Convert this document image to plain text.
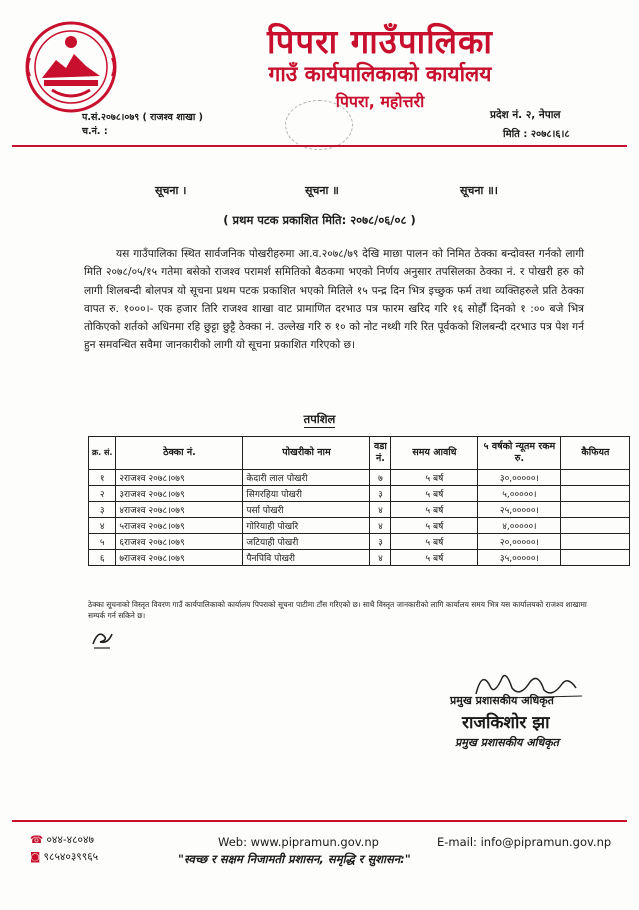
पिपरा गाउँपालिका
गाउँ कार्यपालिकाको कार्यालय
पिपरा, महोत्तरी
प.सं.२०७८।०७९ ( राजश्व शाखा )
च.नं. :
प्रदेश नं. २, नेपाल
मिति : २०७८।६।८
सूचना ।	सूचना ॥	सूचना ॥।
( प्रथम पटक प्रकाशित मिति: २०७८/०६/०८ )
यस गाउँपालिका स्थित सार्वजनिक पोखरीहरुमा आ.व.२०७८/७९ देखि माछा पालन को निमित ठेक्का बन्दोवस्त गर्नको लागी मिति २०७८/०५/१५ गतेमा बसेको राजश्व परामर्श समितिको बैठकमा भएको निर्णय अनुसार तपसिलका ठेक्का नं. र पोखरी हरु को लागी शिलबन्दी बोलपत्र यो सूचना प्रथम पटक प्रकाशित भएको मितिले १५ पन्द्र दिन भित्र इच्छुक फर्म तथा व्यक्तिहरुले प्रति ठेक्का वापत रु. १०००।- एक हजार तिरि राजश्व शाखा वाट प्रामाणित दरभाउ पत्र फारम खरिद गरि १६ सोर्हौं दिनको १ :०० बजे भित्र तोकिएको शर्तको अधिनमा रहि छुट्टा छुट्टै ठेक्का नं. उल्लेख गरि रु १० को नोट नथ्थी गरि रित पूर्वकको शिलबन्दी दरभाउ पत्र पेश गर्न हुन समवन्धित सवैमा जानकारीको लागी यो सूचना प्रकाशित गरिएको छ।
तपशिल
क्र. सं.	ठेक्का नं.	पोखरीको नाम	वडा नं.	समय आवधि	५ वर्षको न्यूतम रकम रु.	कैफियत
१	२राजश्व २०७८।०७९	केदारी लाल पोखरी	७	५ बर्ष	३०,०००००।	
२	३राजश्व २०७८।०७९	सिगरहिया पोखरी	३	५ बर्ष	५,०००००।	
३	४राजश्व २०७८।०७९	पर्सा पोखरी	४	५ बर्ष	२५,०००००।	
४	५राजश्व २०७८।०७९	गोरियाही पोखरि	४	५ बर्ष	४,०००००।	
५	६राजश्व २०७८।०७९	जटियाही पोखरी	३	५ बर्ष	२०,०००००।	
६	७राजश्व २०७८।०७९	पैनपिवि पोखरी	४	५ बर्ष	३५,०००००।	
ठेक्का सूचनाको विस्तृत विवरण गाउँ कार्यपालिकाको कार्यालय पिपराको सूचना पाटीमा टाँस गरिएको छ। साथै विस्तृत जानकारीको लागि कार्यालय समय भित्र यस कार्यालयको राजश्व शाखामा सम्पर्क गर्न सकिने छ।
प्रमुख प्रशासकीय अधिकृत
राजकिशोर झा
प्रमुख प्रशासकीय अधिकृत
☎ ०४४-४८०४७
◙ ९८५४०३९९६५
Web: www.pipramun.gov.np	E-mail: info@pipramun.gov.np
"स्वच्छ र सक्षम निजामती प्रशासन, समृद्धि र सुशासन:"
